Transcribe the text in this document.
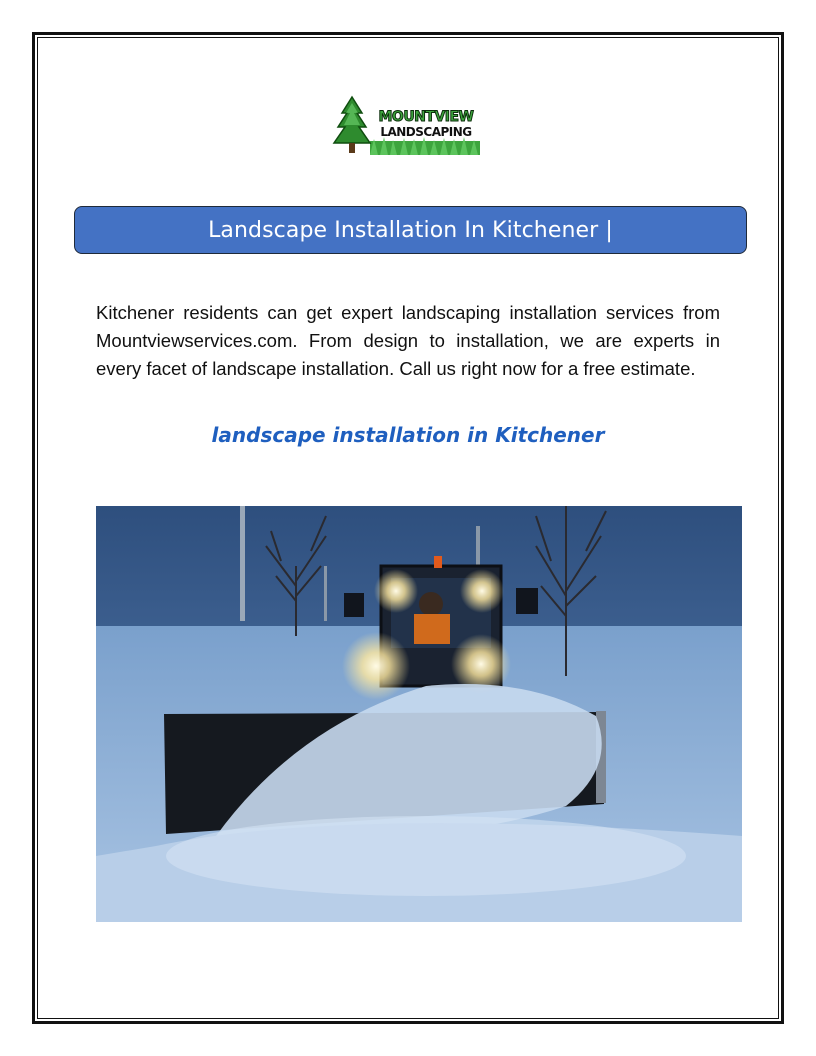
MOUNTVIEW
LANDSCAPING
Landscape Installation In Kitchener |
Kitchener residents can get expert landscaping installation services from Mountviewservices.com. From design to installation, we are experts in every facet of landscape installation. Call us right now for a free estimate.
landscape installation in Kitchener
